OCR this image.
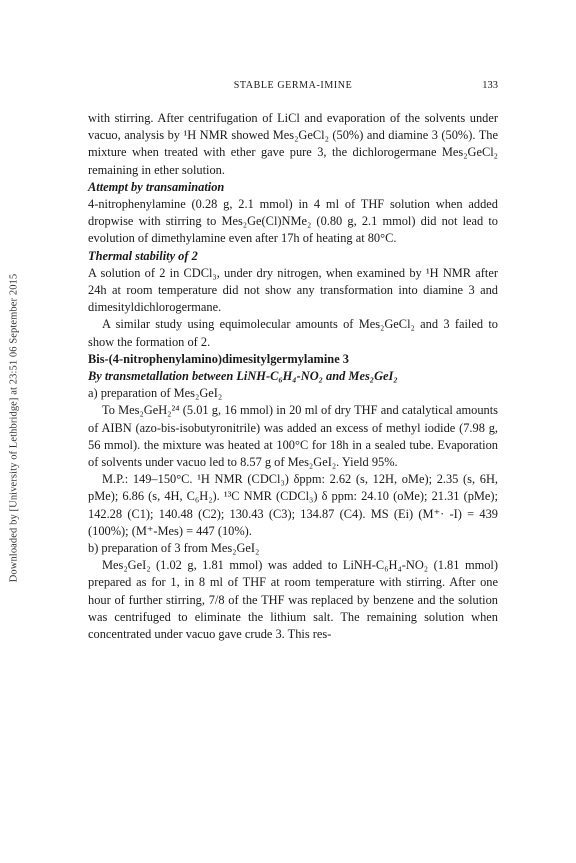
Downloaded by [University of Lethbridge] at 23:51 06 September 2015
STABLE GERMA-IMINE	133

with stirring. After centrifugation of LiCl and evaporation of the solvents under vacuo, analysis by ¹H NMR showed Mes₂GeCl₂ (50%) and diamine 3 (50%). The mixture when treated with ether gave pure 3, the dichlorogermane Mes₂GeCl₂ remaining in ether solution.

Attempt by transamination

4-nitrophenylamine (0.28 g, 2.1 mmol) in 4 ml of THF solution when added dropwise with stirring to Mes₂Ge(Cl)NMe₂ (0.80 g, 2.1 mmol) did not lead to evolution of dimethylamine even after 17h of heating at 80°C.

Thermal stability of 2

A solution of 2 in CDCl₃, under dry nitrogen, when examined by ¹H NMR after 24h at room temperature did not show any transformation into diamine 3 and dimesityldichlorogermane.

A similar study using equimolecular amounts of Mes₂GeCl₂ and 3 failed to show the formation of 2.

Bis-(4-nitrophenylamino)dimesitylgermylamine 3

By transmetallation between LiNH-C₆H₄-NO₂ and Mes₂GeI₂

a) preparation of Mes₂GeI₂

To Mes₂GeH₂²⁴ (5.01 g, 16 mmol) in 20 ml of dry THF and catalytical amounts of AIBN (azo-bis-isobutyronitrile) was added an excess of methyl iodide (7.98 g, 56 mmol). the mixture was heated at 100°C for 18h in a sealed tube. Evaporation of solvents under vacuo led to 8.57 g of Mes₂GeI₂. Yield 95%.

M.P.: 149–150°C. ¹H NMR (CDCl₃) δppm: 2.62 (s, 12H, oMe); 2.35 (s, 6H, pMe); 6.86 (s, 4H, C₆H₂). ¹³C NMR (CDCl₃) δ ppm: 24.10 (oMe); 21.31 (pMe); 142.28 (C1); 140.48 (C2); 130.43 (C3); 134.87 (C4). MS (Ei) (M⁺· -I) = 439 (100%); (M⁺-Mes) = 447 (10%).

b) preparation of 3 from Mes₂GeI₂

Mes₂GeI₂ (1.02 g, 1.81 mmol) was added to LiNH-C₆H₄-NO₂ (1.81 mmol) prepared as for 1, in 8 ml of THF at room temperature with stirring. After one hour of further stirring, 7/8 of the THF was replaced by benzene and the solution was centrifuged to eliminate the lithium salt. The remaining solution when concentrated under vacuo gave crude 3. This res-
